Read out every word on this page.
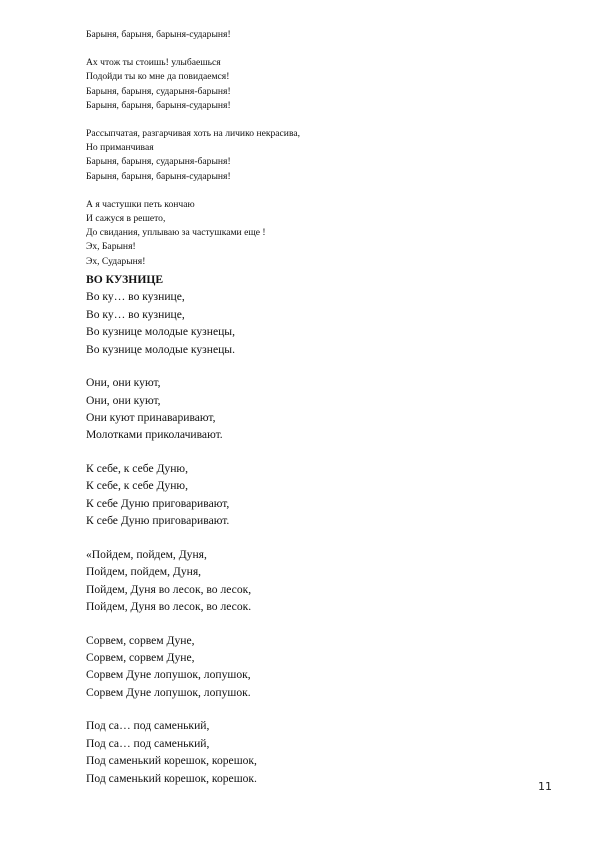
Барыня, барыня, барыня-сударыня!
Ах чтож ты стоишь! улыбаешься
Подойди ты ко мне да повидаемся!
Барыня, барыня, сударыня-барыня!
Барыня, барыня, барыня-сударыня!
Рассыпчатая, разгарчивая хоть на личико некрасива,
Но приманчивая
Барыня, барыня, сударыня-барыня!
Барыня, барыня, барыня-сударыня!
А я частушки петь кончаю
И сажуся в решето,
До свидания, уплываю за частушками еще !
Эх, Барыня!
Эх, Сударыня!
ВО КУЗНИЦЕ
Во ку… во кузнице,
Во ку… во кузнице,
Во кузнице молодые кузнецы,
Во кузнице молодые кузнецы.
Они, они куют,
Они, они куют,
Они куют принаваривают,
Молотками приколачивают.
К себе, к себе Дуню,
К себе, к себе Дуню,
К себе Дуню приговаривают,
К себе Дуню приговаривают.
«Пойдем, пойдем, Дуня,
Пойдем, пойдем, Дуня,
Пойдем, Дуня во лесок, во лесок,
Пойдем, Дуня во лесок, во лесок.
Сорвем, сорвем Дуне,
Сорвем, сорвем Дуне,
Сорвем Дуне лопушок, лопушок,
Сорвем Дуне лопушок, лопушок.
Под са… под саменький,
Под са… под саменький,
Под саменький корешок, корешок,
Под саменький корешок, корешок.
11
